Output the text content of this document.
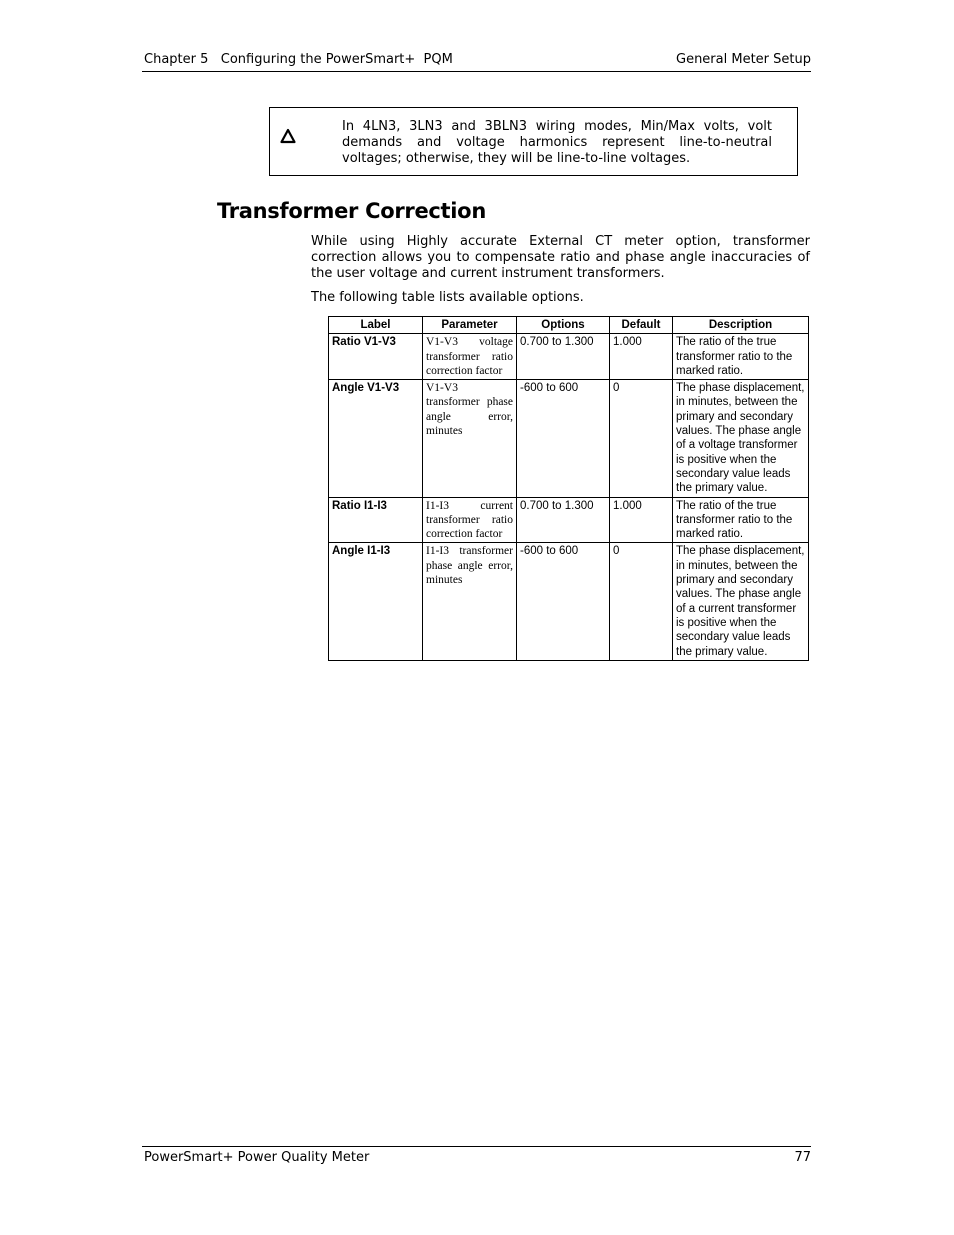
Chapter 5   Configuring the PowerSmart+  PQM	General Meter Setup
In 4LN3, 3LN3 and 3BLN3 wiring modes, Min/Max volts, volt demands and voltage harmonics represent line-to-neutral voltages; otherwise, they will be line-to-line voltages.
Transformer Correction

While using Highly accurate External CT meter option, transformer correction allows you to compensate ratio and phase angle inaccuracies of the user voltage and current instrument transformers.

The following table lists available options.

Label	Parameter	Options	Default	Description
Ratio V1-V3	V1-V3 voltage transformer ratio correction factor	0.700 to 1.300	1.000	The ratio of the true transformer ratio to the marked ratio.
Angle V1-V3	V1-V3 transformer phase angle error, minutes	-600 to 600	0	The phase displacement, in minutes, between the primary and secondary values. The phase angle of a voltage transformer is positive when the secondary value leads the primary value.
Ratio I1-I3	I1-I3 current transformer ratio correction factor	0.700 to 1.300	1.000	The ratio of the true transformer ratio to the marked ratio.
Angle I1-I3	I1-I3 transformer phase angle error, minutes	-600 to 600	0	The phase displacement, in minutes, between the primary and secondary values. The phase angle of a current transformer is positive when the secondary value leads the primary value.
PowerSmart+ Power Quality Meter	77
